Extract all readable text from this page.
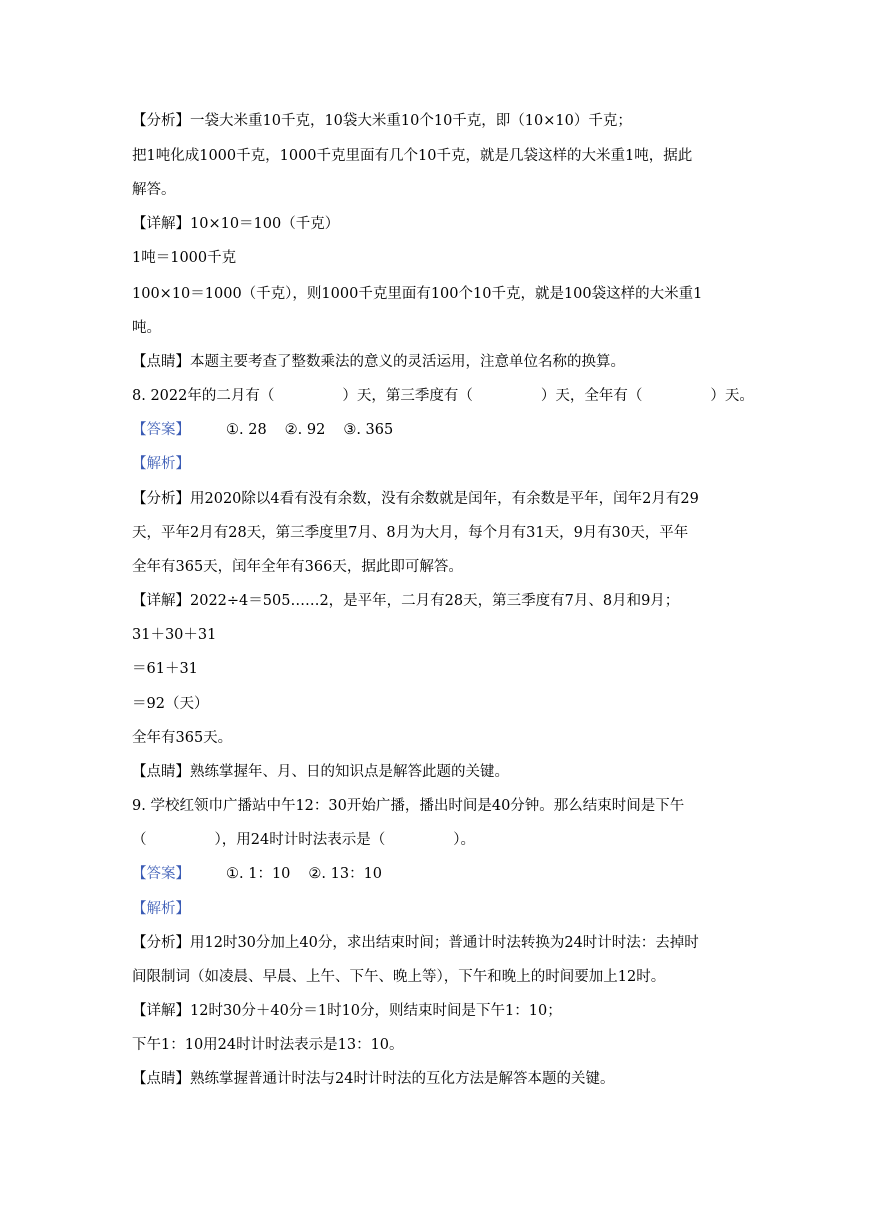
【分析】一袋大米重10千克，10袋大米重10个10千克，即（10×10）千克；
把1吨化成1000千克，1000千克里面有几个10千克，就是几袋这样的大米重1吨，据此
解答。
【详解】10×10＝100（千克）
1吨＝1000千克
100×10＝1000（千克），则1000千克里面有100个10千克，就是100袋这样的大米重1
吨。
【点睛】本题主要考查了整数乘法的意义的灵活运用，注意单位名称的换算。
8. 2022年的二月有（	）天，第三季度有（	）天，全年有（	）天。
【答案】 ①. 28 ②. 92 ③. 365
【解析】
【分析】用2020除以4看有没有余数，没有余数就是闰年，有余数是平年，闰年2月有29
天，平年2月有28天，第三季度里7月、8月为大月，每个月有31天，9月有30天，平年
全年有365天，闰年全年有366天，据此即可解答。
【详解】2022÷4＝505……2，是平年，二月有28天，第三季度有7月、8月和9月；
31＋30＋31
＝61＋31
＝92（天）
全年有365天。
【点睛】熟练掌握年、月、日的知识点是解答此题的关键。
9. 学校红领巾广播站中午12：30开始广播，播出时间是40分钟。那么结束时间是下午
（	），用24时计时法表示是（	）。
【答案】 ①. 1：10 ②. 13：10
【解析】
【分析】用12时30分加上40分，求出结束时间；普通计时法转换为24时计时法：去掉时
间限制词（如凌晨、早晨、上午、下午、晚上等），下午和晚上的时间要加上12时。
【详解】12时30分＋40分＝1时10分，则结束时间是下午1：10；
下午1：10用24时计时法表示是13：10。
【点睛】熟练掌握普通计时法与24时计时法的互化方法是解答本题的关键。
